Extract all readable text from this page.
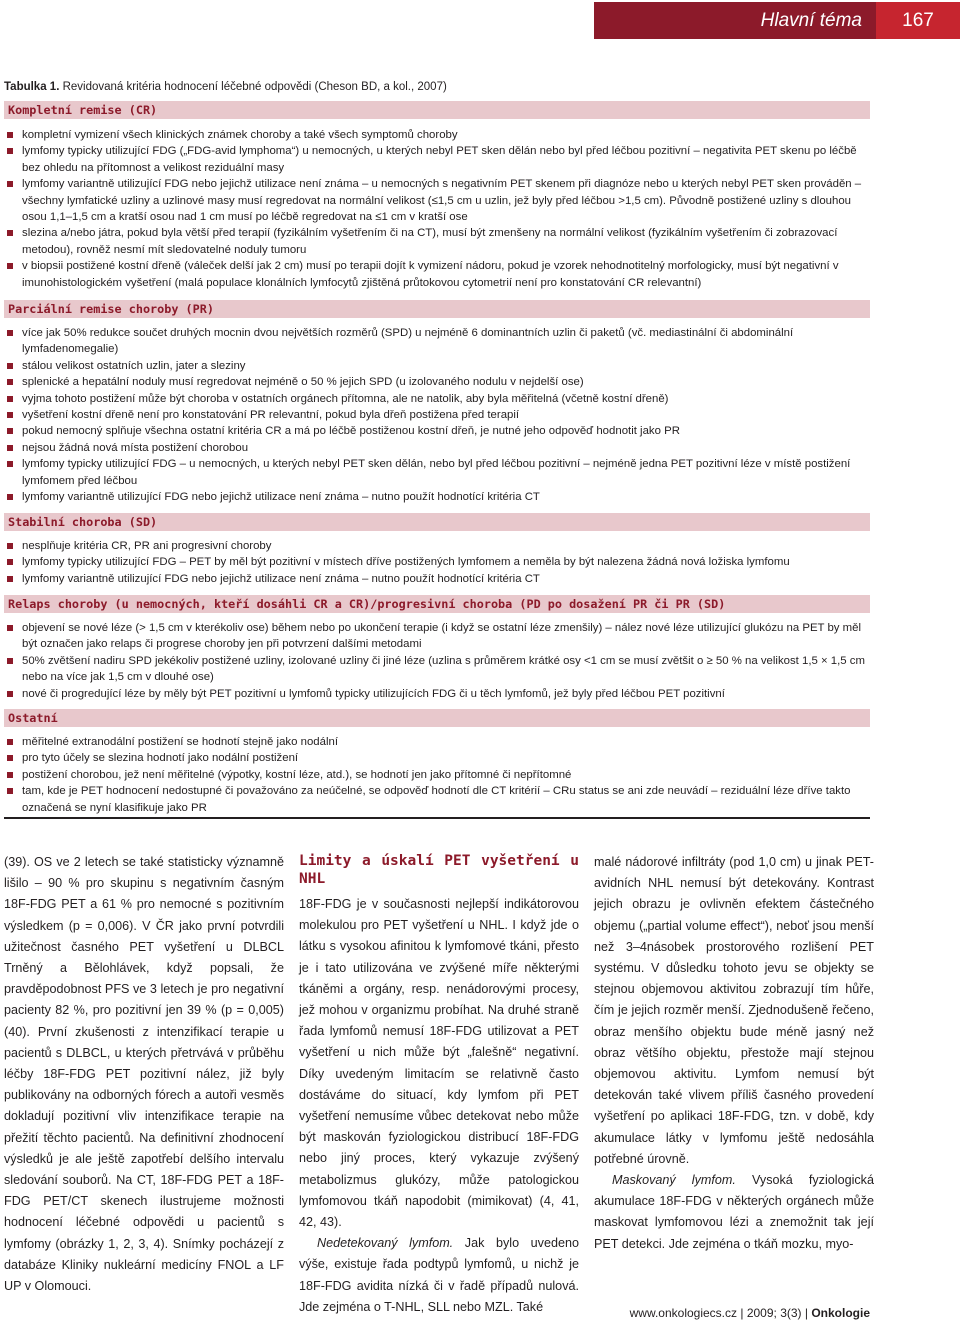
Hlavní téma	167
Tabulka 1. Revidovaná kritéria hodnocení léčebné odpovědi (Cheson BD, a kol., 2007)
Kompletní remise (CR)
kompletní vymizení všech klinických známek choroby a také všech symptomů choroby
lymfomy typicky utilizující FDG („FDG-avid lymphoma“) u nemocných, u kterých nebyl PET sken dělán nebo byl před léčbou pozitivní – negativita PET skenu po léčbě bez ohledu na přítomnost a velikost reziduální masy
lymfomy variantně utilizující FDG nebo jejichž utilizace není známa – u nemocných s negativním PET skenem při diagnóze nebo u kterých nebyl PET sken prováděn – všechny lymfatické uzliny a uzlinové masy musí regredovat na normální velikost (≤1,5 cm u uzlin, jež byly před léčbou >1,5 cm). Původně postižené uzliny s dlouhou osou 1,1–1,5 cm a kratší osou nad 1 cm musí po léčbě regredovat na ≤1 cm v kratší ose
slezina a/nebo játra, pokud byla větší před terapií (fyzikálním vyšetřením či na CT), musí být zmenšeny na normální velikost (fyzikálním vyšetřením či zobrazovací metodou), rovněž nesmí mít sledovatelné noduly tumoru
v biopsii postižené kostní dřeně (váleček delší jak 2 cm) musí po terapii dojít k vymizení nádoru, pokud je vzorek nehodnotitelný morfologicky, musí být negativní v imunohistologickém vyšetření (malá populace klonálních lymfocytů zjištěná průtokovou cytometrií není pro konstatování CR relevantní)
Parciální remise choroby (PR)
více jak 50% redukce součet druhých mocnin dvou největších rozměrů (SPD) u nejméně 6 dominantních uzlin či paketů (vč. mediastinální či abdominální lymfadenomegalie)
stálou velikost ostatních uzlin, jater a sleziny
splenické a hepatální noduly musí regredovat nejméně o 50 % jejich SPD (u izolovaného nodulu v nejdelší ose)
vyjma tohoto postižení může být choroba v ostatních orgánech přítomna, ale ne natolik, aby byla měřitelná (včetně kostní dřeně)
vyšetření kostní dřeně není pro konstatování PR relevantní, pokud byla dřeň postižena před terapií
pokud nemocný splňuje všechna ostatní kritéria CR a má po léčbě postiženou kostní dřeň, je nutné jeho odpověď hodnotit jako PR
nejsou žádná nová místa postižení chorobou
lymfomy typicky utilizující FDG – u nemocných, u kterých nebyl PET sken dělán, nebo byl před léčbou pozitivní – nejméně jedna PET pozitivní léze v místě postižení lymfomem před léčbou
lymfomy variantně utilizující FDG nebo jejichž utilizace není známa – nutno použít hodnotící kritéria CT
Stabilní choroba (SD)
nesplňuje kritéria CR, PR ani progresivní choroby
lymfomy typicky utilizující FDG – PET by měl být pozitivní v místech dříve postižených lymfomem a neměla by být nalezena žádná nová ložiska lymfomu
lymfomy variantně utilizující FDG nebo jejichž utilizace není známa – nutno použít hodnotící kritéria CT
Relaps choroby (u nemocných, kteří dosáhli CR a CR)/progresivní choroba (PD po dosažení PR či PR (SD)
objevení se nové léze (> 1,5 cm v kterékoliv ose) během nebo po ukončení terapie (i když se ostatní léze zmenšily) – nález nové léze utilizující glukózu na PET by měl být označen jako relaps či progrese choroby jen při potvrzení dalšími metodami
50% zvětšení nadiru SPD jekékoliv postižené uzliny, izolované uzliny či jiné léze (uzlina s průměrem krátké osy <1 cm se musí zvětšit o ≥ 50 % na velikost 1,5 × 1,5 cm nebo na více jak 1,5 cm v dlouhé ose)
nové či progredující léze by měly být PET pozitivní u lymfomů typicky utilizujících FDG či u těch lymfomů, jež byly před léčbou PET pozitivní
Ostatní
měřitelné extranodální postižení se hodnotí stejně jako nodální
pro tyto účely se slezina hodnotí jako nodální postižení
postižení chorobou, jež není měřitelné (výpotky, kostní léze, atd.), se hodnotí jen jako přítomné či nepřítomné
tam, kde je PET hodnocení nedostupné či považováno za neúčelné, se odpověď hodnotí dle CT kritérií – CRu status se ani zde neuvádí – reziduální léze dříve takto označená se nyní klasifikuje jako PR

(39). OS ve 2 letech se také statisticky významně lišilo – 90 % pro skupinu s negativním časným 18F-FDG PET a 61 % pro nemocné s pozitivním výsledkem (p = 0,006). V ČR jako první potvrdili užitečnost časného PET vyšetření u DLBCL Trněný a Bělohlávek, když popsali, že pravděpodobnost PFS ve 3 letech je pro negativní pacienty 82 %, pro pozitivní jen 39 % (p = 0,005) (40). První zkušenosti z intenzifikací terapie u pacientů s DLBCL, u kterých přetrvává v průběhu léčby 18F-FDG PET pozitivní nález, již byly publikovány na odborných fórech a autoři vesměs dokladují pozitivní vliv intenzifikace terapie na přežití těchto pacientů. Na definitivní zhodnocení výsledků je ale ještě zapotřebí delšího intervalu sledování souborů. Na CT, 18F-FDG PET a 18F-FDG PET/CT skenech ilustrujeme možnosti hodnocení léčebné odpovědi u pacientů s lymfomy (obrázky 1, 2, 3, 4). Snímky pocházejí z databáze Kliniky nukleární medicíny FNOL a LF UP v Olomouci.

Limity a úskalí PET vyšetření u NHL

18F-FDG je v současnosti nejlepší indikátorovou molekulou pro PET vyšetření u NHL. I když jde o látku s vysokou afinitou k lymfomové tkáni, přesto je i tato utilizována ve zvýšené míře některými tkáněmi a orgány, resp. nenádorovými procesy, jež mohou v organizmu probíhat. Na druhé straně řada lymfomů nemusí 18F-FDG utilizovat a PET vyšetření u nich může být „falešně“ negativní. Díky uvedeným limitacím se relativně často dostáváme do situací, kdy lymfom při PET vyšetření nemusíme vůbec detekovat nebo může být maskován fyziologickou distribucí 18F-FDG nebo jiný proces, který vykazuje zvýšený metabolizmus glukózy, může patologickou lymfomovou tkáň napodobit (mimikovat) (4, 41, 42, 43).

Nedetekovaný lymfom. Jak bylo uvedeno výše, existuje řada podtypů lymfomů, u nichž je 18F-FDG avidita nízká či v řadě případů nulová. Jde zejména o T-NHL, SLL nebo MZL. Také

malé nádorové infiltráty (pod 1,0 cm) u jinak PET-avidních NHL nemusí být detekovány. Kontrast jejich obrazu je ovlivněn efektem částečného objemu („partial volume effect“), neboť jsou menší než 3–4násobek prostorového rozlišení PET systému. V důsledku tohoto jevu se objekty se stejnou objemovou aktivitou zobrazují tím hůře, čím je jejich rozměr menší. Zjednodušeně řečeno, obraz menšího objektu bude méně jasný než obraz většího objektu, přestože mají stejnou objemovou aktivitu. Lymfom nemusí být detekován také vlivem příliš časného provedení vyšetření po aplikaci 18F-FDG, tzn. v době, kdy akumulace látky v lymfomu ještě nedosáhla potřebné úrovně.

Maskovaný lymfom. Vysoká fyziologická akumulace 18F-FDG v některých orgánech může maskovat lymfomovou lézi a znemožnit tak její PET detekci. Jde zejména o tkáň mozku, myo-

www.onkologiecs.cz | 2009; 3(3) | Onkologie
